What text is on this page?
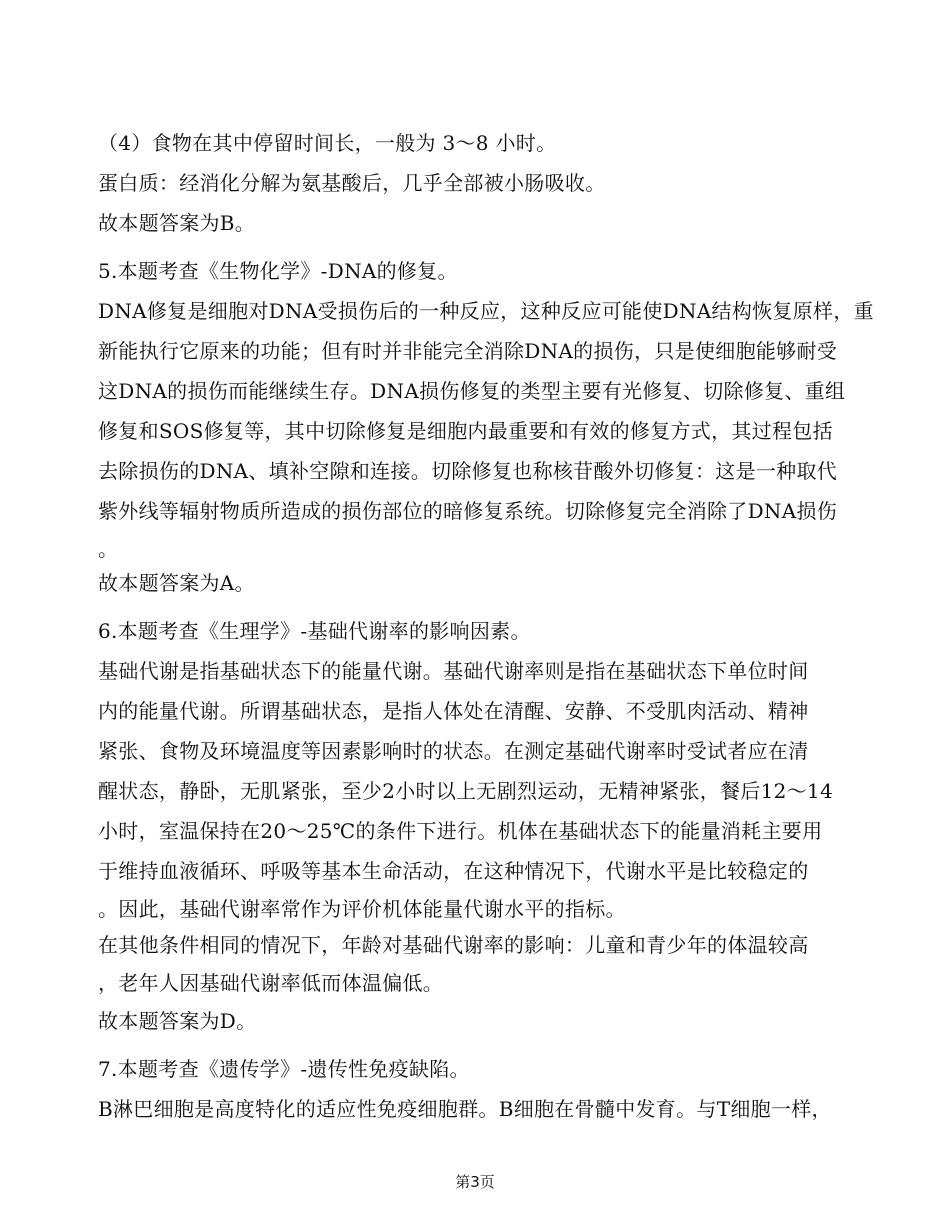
（4）食物在其中停留时间长，一般为 3～8 小时。
蛋白质：经消化分解为氨基酸后，几乎全部被小肠吸收。
故本题答案为B。
5.本题考查《生物化学》-DNA的修复。
DNA修复是细胞对DNA受损伤后的一种反应，这种反应可能使DNA结构恢复原样，重
新能执行它原来的功能；但有时并非能完全消除DNA的损伤，只是使细胞能够耐受
这DNA的损伤而能继续生存。DNA损伤修复的类型主要有光修复、切除修复、重组
修复和SOS修复等，其中切除修复是细胞内最重要和有效的修复方式，其过程包括
去除损伤的DNA、填补空隙和连接。切除修复也称核苷酸外切修复：这是一种取代
紫外线等辐射物质所造成的损伤部位的暗修复系统。切除修复完全消除了DNA损伤
。
故本题答案为A。
6.本题考查《生理学》-基础代谢率的影响因素。
基础代谢是指基础状态下的能量代谢。基础代谢率则是指在基础状态下单位时间
内的能量代谢。所谓基础状态，是指人体处在清醒、安静、不受肌肉活动、精神
紧张、食物及环境温度等因素影响时的状态。在测定基础代谢率时受试者应在清
醒状态，静卧，无肌紧张，至少2小时以上无剧烈运动，无精神紧张，餐后12～14
小时，室温保持在20～25℃的条件下进行。机体在基础状态下的能量消耗主要用
于维持血液循环、呼吸等基本生命活动，在这种情况下，代谢水平是比较稳定的
。因此，基础代谢率常作为评价机体能量代谢水平的指标。
在其他条件相同的情况下，年龄对基础代谢率的影响：儿童和青少年的体温较高
，老年人因基础代谢率低而体温偏低。
故本题答案为D。
7.本题考查《遗传学》-遗传性免疫缺陷。
B淋巴细胞是高度特化的适应性免疫细胞群。B细胞在骨髓中发育。与T细胞一样，
第3页
